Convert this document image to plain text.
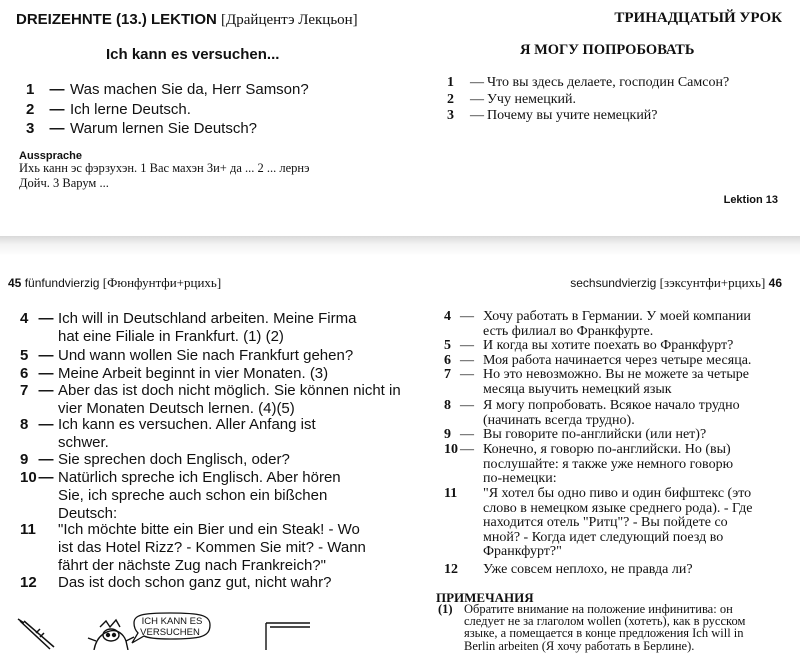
DREIZEHNTE (13.) LEKTION [Драйцентэ Лекцьон]	ТРИНАДЦАТЫЙ УРОК
Ich kann es versuchen...	Я МОГУ ПОПРОБОВАТЬ
1 — Was machen Sie da, Herr Samson?
2 — Ich lerne Deutsch.
3 — Warum lernen Sie Deutsch?
1 — Что вы здесь делаете, господин Самсон?
2 — Учу немецкий.
3 — Почему вы учите немецкий?
Aussprache
Ихь канн эс фэрзухэн. 1 Вас махэн Зи+ да ... 2 ... лернэ
Дойч. 3 Варум ...
Lektion 13
45 fünfundvierzig [Фюнфунтфи+рцихь]	sechsundvierzig [зэксунтфи+рцихь] 46
4 — Ich will in Deutschland arbeiten. Meine Firma
hat eine Filiale in Frankfurt. (1) (2)
5 — Und wann wollen Sie nach Frankfurt gehen?
6 — Meine Arbeit beginnt in vier Monaten. (3)
7 — Aber das ist doch nicht möglich. Sie können nicht in
vier Monaten Deutsch lernen. (4)(5)
8 — Ich kann es versuchen. Aller Anfang ist
schwer.
9 — Sie sprechen doch Englisch, oder?
10 — Natürlich spreche ich Englisch. Aber hören
Sie, ich spreche auch schon ein bißchen
Deutsch:
11 "Ich möchte bitte ein Bier und ein Steak! - Wo
ist das Hotel Rizz? - Kommen Sie mit? - Wann
fährt der nächste Zug nach Frankreich?"
12 Das ist doch schon ganz gut, nicht wahr?
4 — Хочу работать в Германии. У моей компании
есть филиал во Франкфурте.
5 — И когда вы хотите поехать во Франкфурт?
6 — Моя работа начинается через четыре месяца.
7 — Но это невозможно. Вы не можете за четыре
месяца выучить немецкий язык
8 — Я могу попробовать. Всякое начало трудно
(начинать всегда трудно).
9 — Вы говорите по-английски (или нет)?
10 — Конечно, я говорю по-английски. Но (вы)
послушайте: я также уже немного говорю
по-немецки:
11 "Я хотел бы одно пиво и один бифштекс (это
слово в немецком языке среднего рода). - Где
находится отель "Ритц"? - Вы пойдете со
мной? - Когда идет следующий поезд во
Франкфурт?"
12 Уже совсем неплохо, не правда ли?
ПРИМЕЧАНИЯ
(1) Обратите внимание на положение инфинитива: он
следует не за глаголом wollen (хотеть), как в русском
языке, а помещается в конце предложения Ich will in
Berlin arbeiten (Я хочу работать в Берлине).
ICH KANN ES
VERSUCHEN
